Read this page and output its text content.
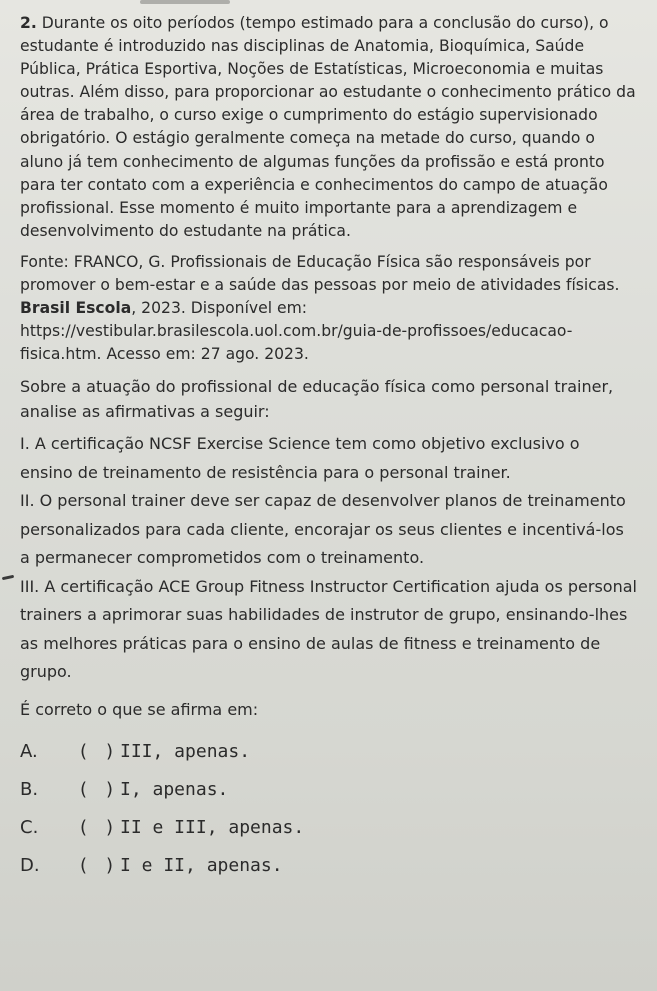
2. Durante os oito períodos (tempo estimado para a conclusão do curso), o estudante é introduzido nas disciplinas de Anatomia, Bioquímica, Saúde Pública, Prática Esportiva, Noções de Estatísticas, Microeconomia e muitas outras. Além disso, para proporcionar ao estudante o conhecimento prático da área de trabalho, o curso exige o cumprimento do estágio supervisionado obrigatório. O estágio geralmente começa na metade do curso, quando o aluno já tem conhecimento de algumas funções da profissão e está pronto para ter contato com a experiência e conhecimentos do campo de atuação profissional. Esse momento é muito importante para a aprendizagem e desenvolvimento do estudante na prática.

Fonte: FRANCO, G. Profissionais de Educação Física são responsáveis por promover o bem-estar e a saúde das pessoas por meio de atividades físicas. Brasil Escola, 2023. Disponível em: https://vestibular.brasilescola.uol.com.br/guia-de-profissoes/educacao-fisica.htm. Acesso em: 27 ago. 2023.

Sobre a atuação do profissional de educação física como personal trainer, analise as afirmativas a seguir:

I. A certificação NCSF Exercise Science tem como objetivo exclusivo o ensino de treinamento de resistência para o personal trainer.

II. O personal trainer deve ser capaz de desenvolver planos de treinamento personalizados para cada cliente, encorajar os seus clientes e incentivá-los a permanecer comprometidos com o treinamento.

III. A certificação ACE Group Fitness Instructor Certification ajuda os personal trainers a aprimorar suas habilidades de instrutor de grupo, ensinando-lhes as melhores práticas para o ensino de aulas de fitness e treinamento de grupo.

É correto o que se afirma em:

A.	(	) III, apenas.
B.	(	) I, apenas.
C.	(	) II e III, apenas.
D.	(	) I e II, apenas.
